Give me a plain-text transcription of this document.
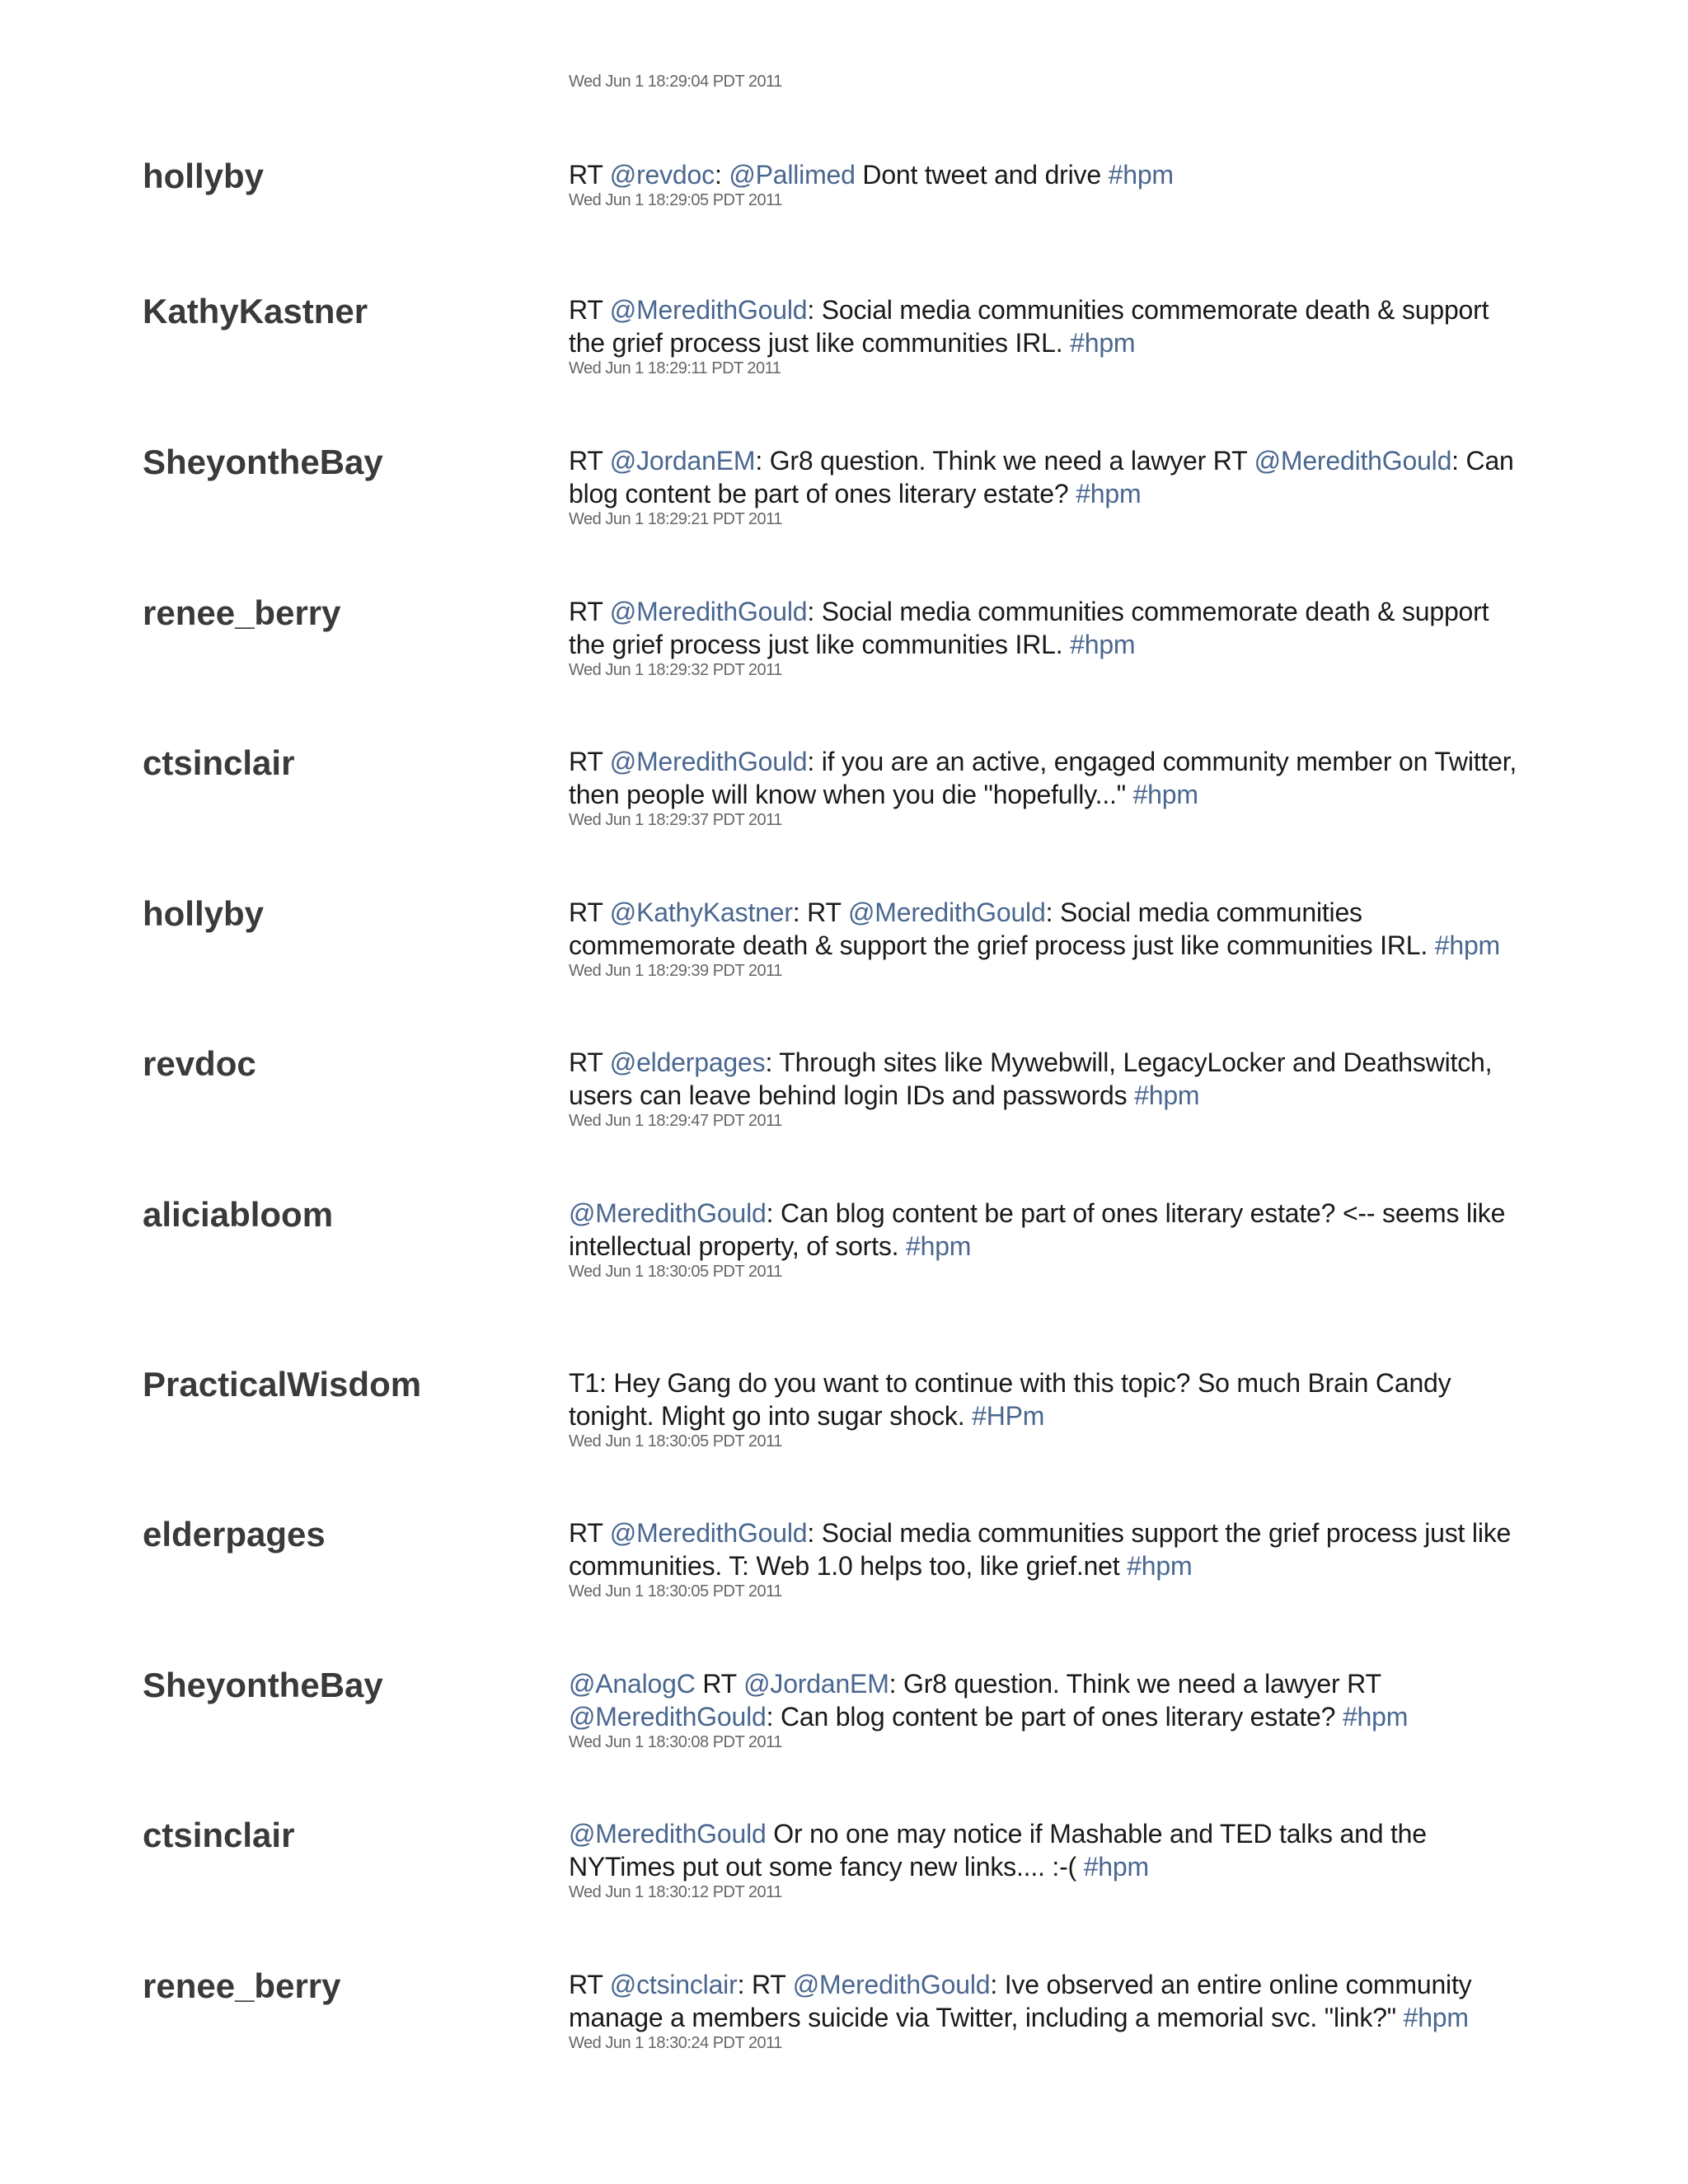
Wed Jun 1 18:29:04 PDT 2011
hollyby	RT @revdoc: @Pallimed Dont tweet and drive #hpm
Wed Jun 1 18:29:05 PDT 2011
KathyKastner	RT @MeredithGould: Social media communities commemorate death & support
the grief process just like communities IRL. #hpm
Wed Jun 1 18:29:11 PDT 2011
SheyontheBay	RT @JordanEM: Gr8 question. Think we need a lawyer RT @MeredithGould: Can
blog content be part of ones literary estate? #hpm
Wed Jun 1 18:29:21 PDT 2011
renee_berry	RT @MeredithGould: Social media communities commemorate death & support
the grief process just like communities IRL. #hpm
Wed Jun 1 18:29:32 PDT 2011
ctsinclair	RT @MeredithGould: if you are an active, engaged community member on Twitter,
then people will know when you die "hopefully..." #hpm
Wed Jun 1 18:29:37 PDT 2011
hollyby	RT @KathyKastner: RT @MeredithGould: Social media communities
commemorate death & support the grief process just like communities IRL. #hpm
Wed Jun 1 18:29:39 PDT 2011
revdoc	RT @elderpages: Through sites like Mywebwill, LegacyLocker and Deathswitch,
users can leave behind login IDs and passwords #hpm
Wed Jun 1 18:29:47 PDT 2011
aliciabloom	@MeredithGould: Can blog content be part of ones literary estate? <-- seems like
intellectual property, of sorts. #hpm
Wed Jun 1 18:30:05 PDT 2011
PracticalWisdom	T1: Hey Gang do you want to continue with this topic? So much Brain Candy
tonight. Might go into sugar shock. #HPm
Wed Jun 1 18:30:05 PDT 2011
elderpages	RT @MeredithGould: Social media communities support the grief process just like
communities. T: Web 1.0 helps too, like grief.net #hpm
Wed Jun 1 18:30:05 PDT 2011
SheyontheBay	@AnalogC RT @JordanEM: Gr8 question. Think we need a lawyer RT
@MeredithGould: Can blog content be part of ones literary estate? #hpm
Wed Jun 1 18:30:08 PDT 2011
ctsinclair	@MeredithGould Or no one may notice if Mashable and TED talks and the
NYTimes put out some fancy new links.... :-( #hpm
Wed Jun 1 18:30:12 PDT 2011
renee_berry	RT @ctsinclair: RT @MeredithGould: Ive observed an entire online community
manage a members suicide via Twitter, including a memorial svc. "link?" #hpm
Wed Jun 1 18:30:24 PDT 2011
